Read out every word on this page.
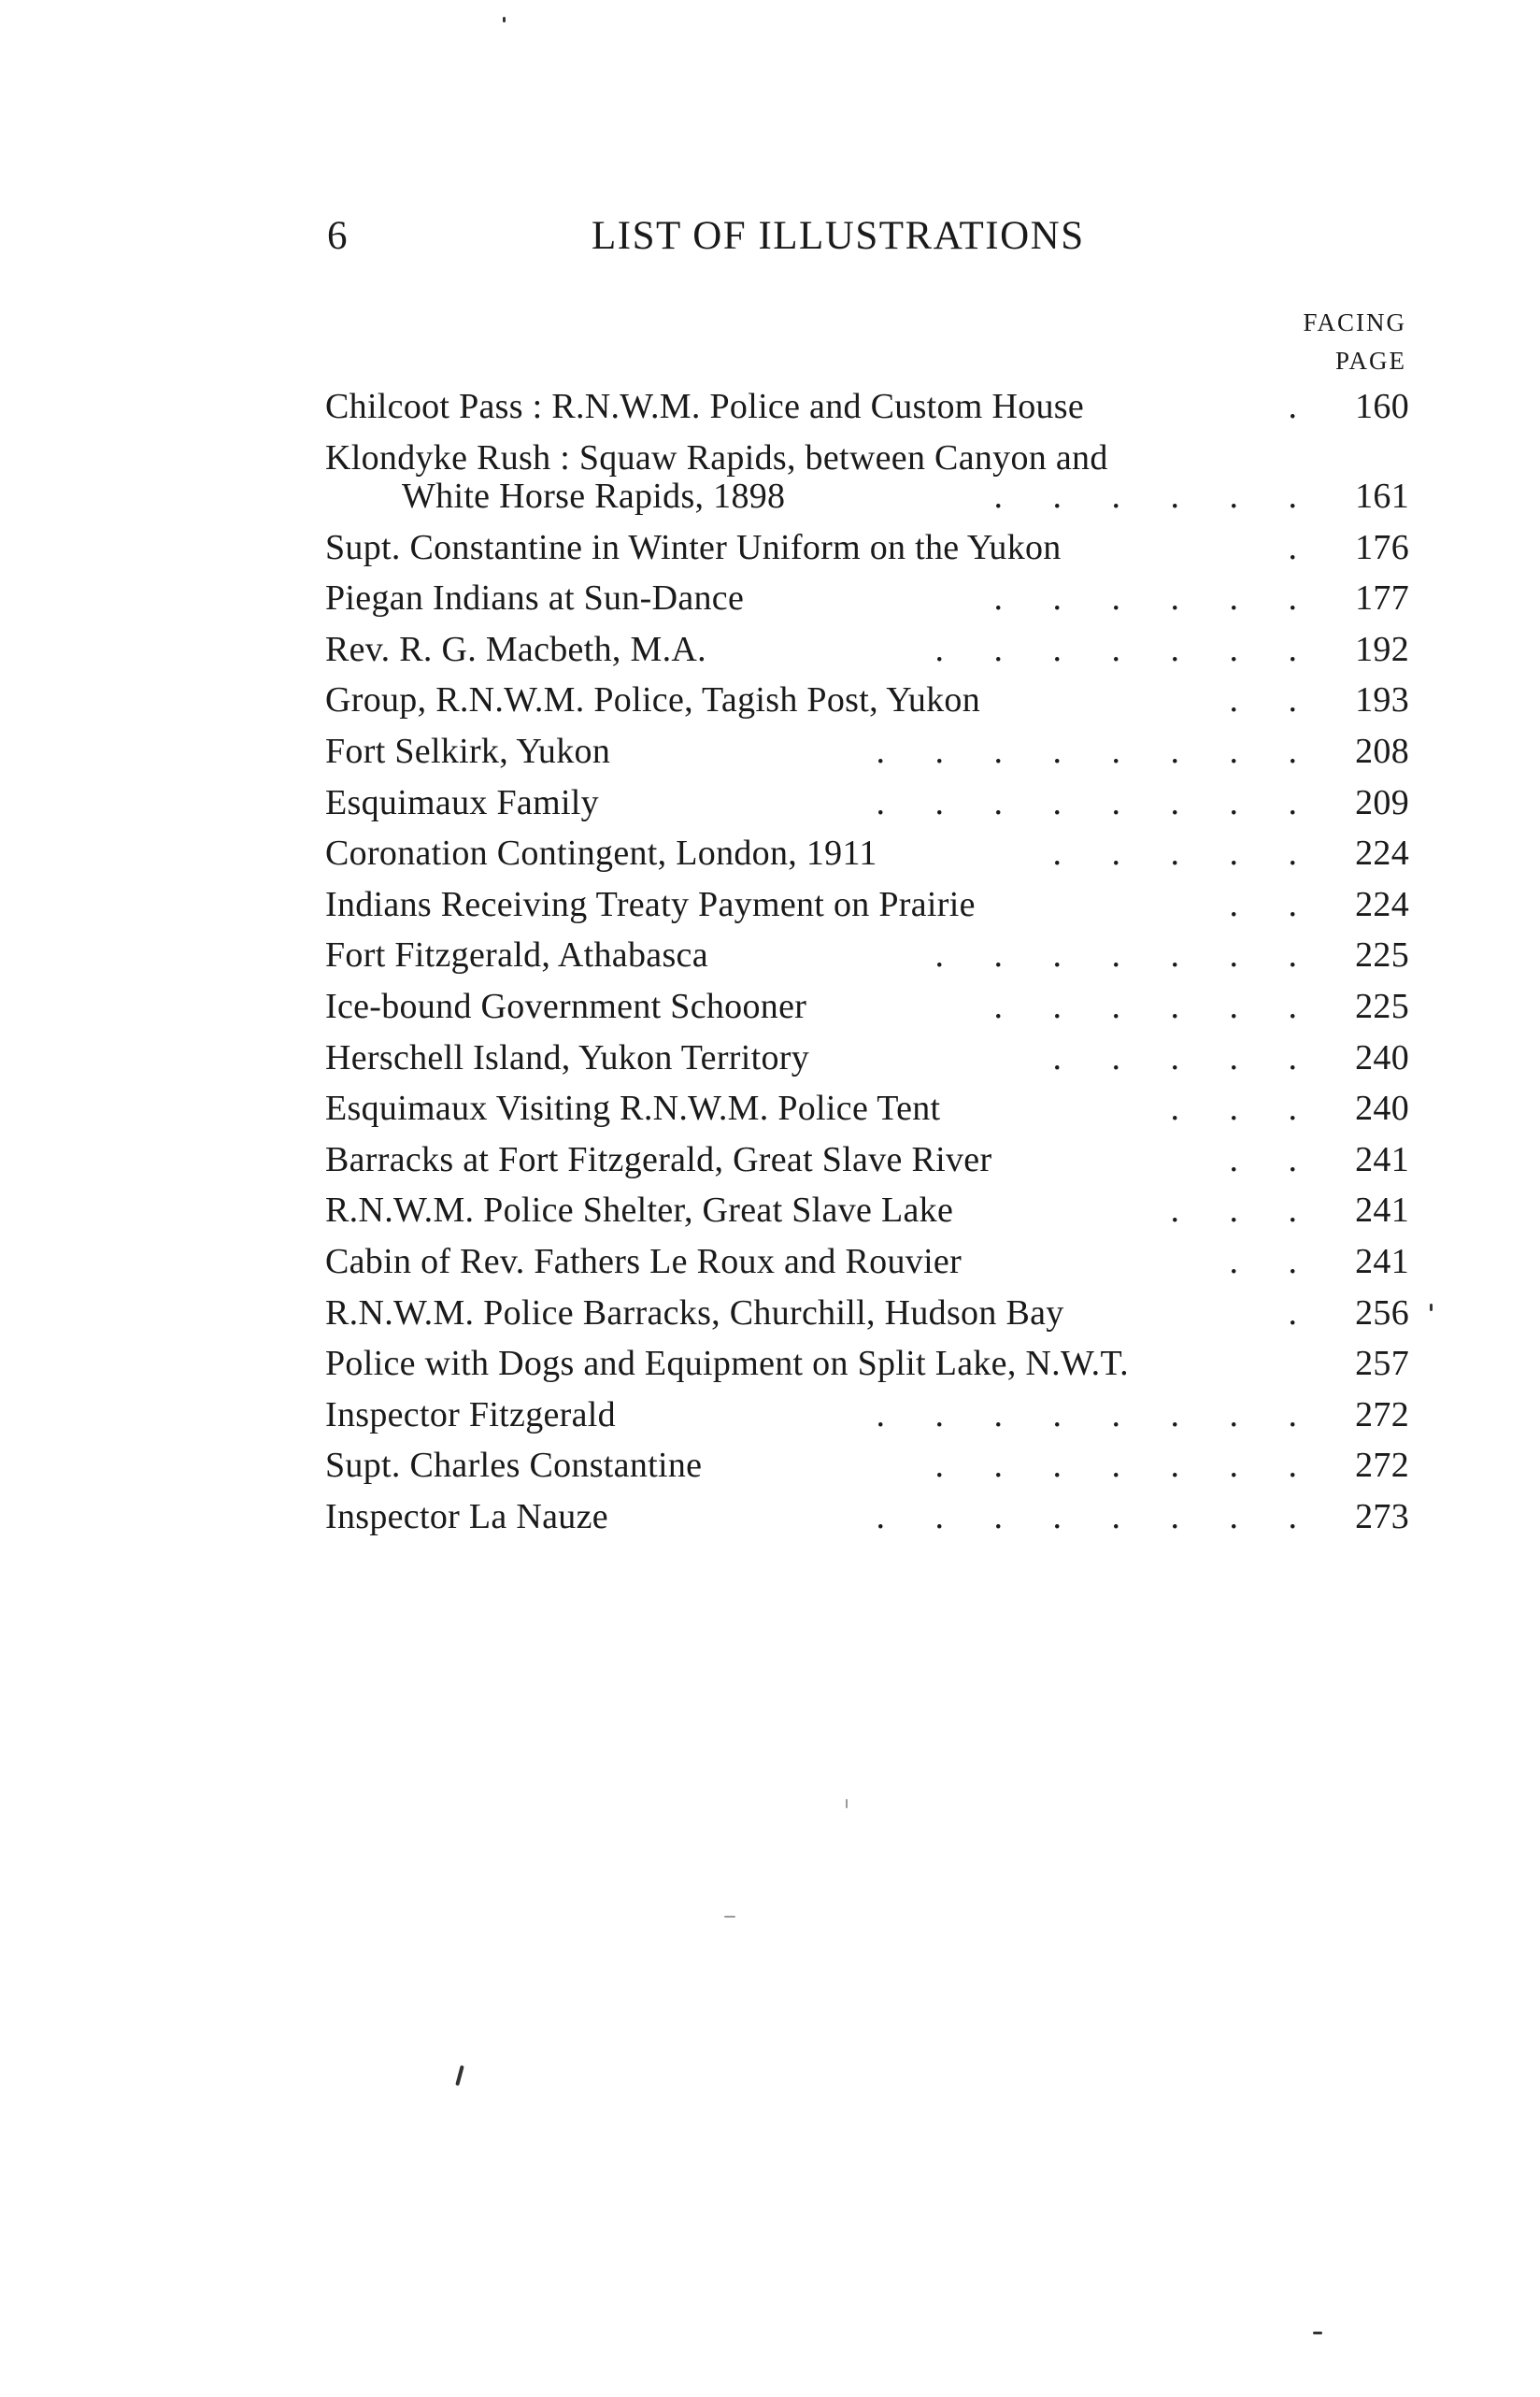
6	LIST OF ILLUSTRATIONS
FACING
PAGE
Chilcoot Pass : R.N.W.M. Police and Custom House	.	160
Klondyke Rush : Squaw Rapids, between Canyon and
White Horse Rapids, 1898	. . . . . .	161
Supt. Constantine in Winter Uniform on the Yukon	.	176
Piegan Indians at Sun-Dance	. . . . . .	177
Rev. R. G. Macbeth, M.A.	. . . . . . .	192
Group, R.N.W.M. Police, Tagish Post, Yukon	. .	193
Fort Selkirk, Yukon	. . . . . . . .	208
Esquimaux Family	. . . . . . . .	209
Coronation Contingent, London, 1911	. . . . .	224
Indians Receiving Treaty Payment on Prairie	. .	224
Fort Fitzgerald, Athabasca	. . . . . . .	225
Ice-bound Government Schooner	. . . . . .	225
Herschell Island, Yukon Territory	. . . . .	240
Esquimaux Visiting R.N.W.M. Police Tent	. . .	240
Barracks at Fort Fitzgerald, Great Slave River	. .	241
R.N.W.M. Police Shelter, Great Slave Lake	. . .	241
Cabin of Rev. Fathers Le Roux and Rouvier	. .	241
R.N.W.M. Police Barracks, Churchill, Hudson Bay	.	256
Police with Dogs and Equipment on Split Lake, N.W.T.	257
Inspector Fitzgerald	. . . . . . . .	272
Supt. Charles Constantine	. . . . . . .	272
Inspector La Nauze	. . . . . . . .	273
